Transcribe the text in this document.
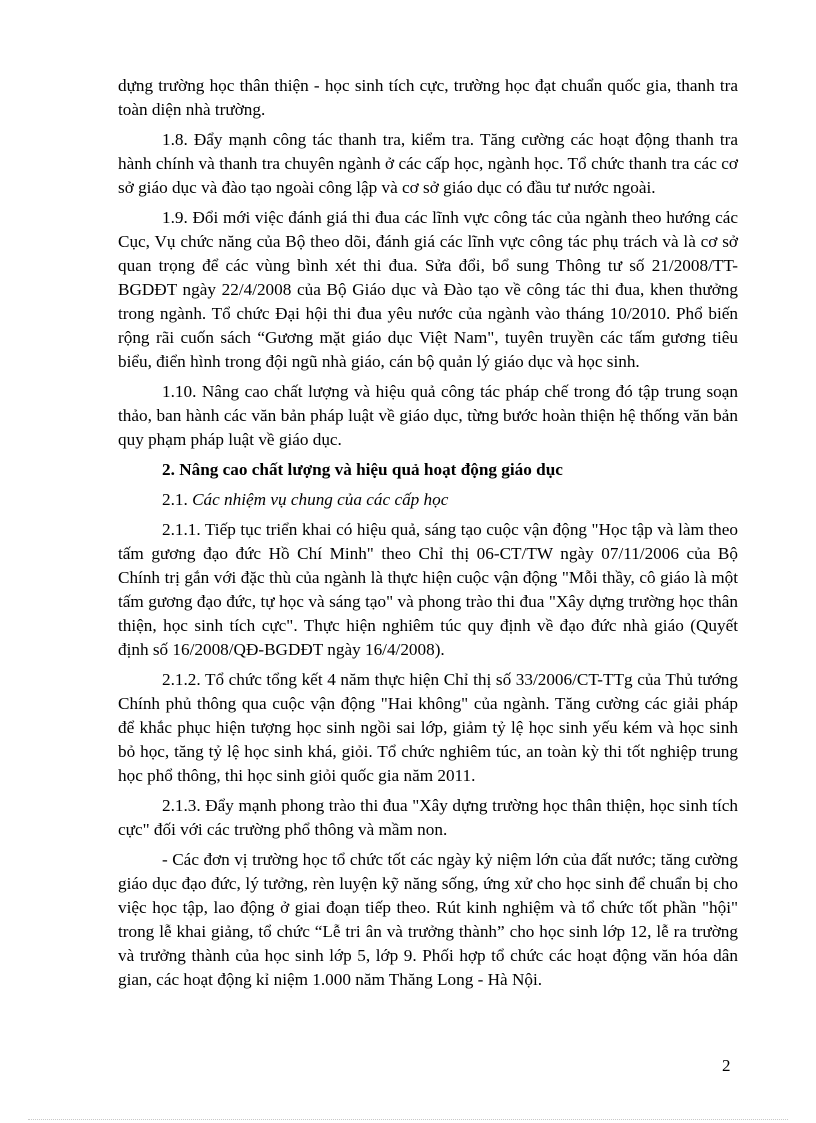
dựng trường học thân thiện - học sinh tích cực, trường học đạt chuẩn quốc gia, thanh tra toàn diện nhà trường.

1.8. Đẩy mạnh công tác thanh tra, kiểm tra. Tăng cường các hoạt động thanh tra hành chính và thanh tra chuyên ngành ở các cấp học, ngành học. Tổ chức thanh tra các cơ sở giáo dục và đào tạo ngoài công lập và cơ sở giáo dục có đầu tư nước ngoài.

1.9. Đổi mới việc đánh giá thi đua các lĩnh vực công tác của ngành theo hướng các Cục, Vụ chức năng của Bộ theo dõi, đánh giá các lĩnh vực công tác phụ trách và là cơ sở quan trọng để các vùng bình xét thi đua. Sửa đổi, bổ sung Thông tư số 21/2008/TT-BGDĐT ngày 22/4/2008 của Bộ Giáo dục và Đào tạo về công tác thi đua, khen thưởng trong ngành. Tổ chức Đại hội thi đua yêu nước của ngành vào tháng 10/2010. Phổ biến rộng rãi cuốn sách “Gương mặt giáo dục Việt Nam", tuyên truyền các tấm gương tiêu biểu, điển hình trong đội ngũ nhà giáo, cán bộ quản lý giáo dục và học sinh.

1.10. Nâng cao chất lượng và hiệu quả công tác pháp chế trong đó tập trung soạn thảo, ban hành các văn bản pháp luật về giáo dục, từng bước hoàn thiện hệ thống văn bản quy phạm pháp luật về giáo dục.

2. Nâng cao chất lượng và hiệu quả hoạt động giáo dục

2.1. Các nhiệm vụ chung của các cấp học

2.1.1. Tiếp tục triển khai có hiệu quả, sáng tạo cuộc vận động "Học tập và làm theo tấm gương đạo đức Hồ Chí Minh" theo Chỉ thị 06-CT/TW ngày 07/11/2006 của Bộ Chính trị gắn với đặc thù của ngành là thực hiện cuộc vận động "Mỗi thầy, cô giáo là một tấm gương đạo đức, tự học và sáng tạo" và phong trào thi đua "Xây dựng trường học thân thiện, học sinh tích cực". Thực hiện nghiêm túc quy định về đạo đức nhà giáo (Quyết định số 16/2008/QĐ-BGDĐT ngày 16/4/2008).

2.1.2. Tổ chức tổng kết 4 năm thực hiện Chỉ thị số 33/2006/CT-TTg của Thủ tướng Chính phủ thông qua cuộc vận động "Hai không" của ngành. Tăng cường các giải pháp để khắc phục hiện tượng học sinh ngồi sai lớp, giảm tỷ lệ học sinh yếu kém và học sinh bỏ học, tăng tỷ lệ học sinh khá, giỏi. Tổ chức nghiêm túc, an toàn kỳ thi tốt nghiệp trung học phổ thông, thi học sinh giỏi quốc gia năm 2011.

2.1.3. Đẩy mạnh phong trào thi đua "Xây dựng trường học thân thiện, học sinh tích cực" đối với các trường phổ thông và mầm non.

- Các đơn vị trường học tổ chức tốt các ngày kỷ niệm lớn của đất nước; tăng cường giáo dục đạo đức, lý tưởng, rèn luyện kỹ năng sống, ứng xử cho học sinh để chuẩn bị cho việc học tập, lao động ở giai đoạn tiếp theo. Rút kinh nghiệm và tổ chức tốt phần "hội" trong lễ khai giảng, tổ chức “Lễ tri ân và trưởng thành” cho học sinh lớp 12, lễ ra trường và trưởng thành của học sinh lớp 5, lớp 9. Phối hợp tổ chức các hoạt động văn hóa dân gian, các hoạt động kỉ niệm 1.000 năm Thăng Long - Hà Nội.

2
